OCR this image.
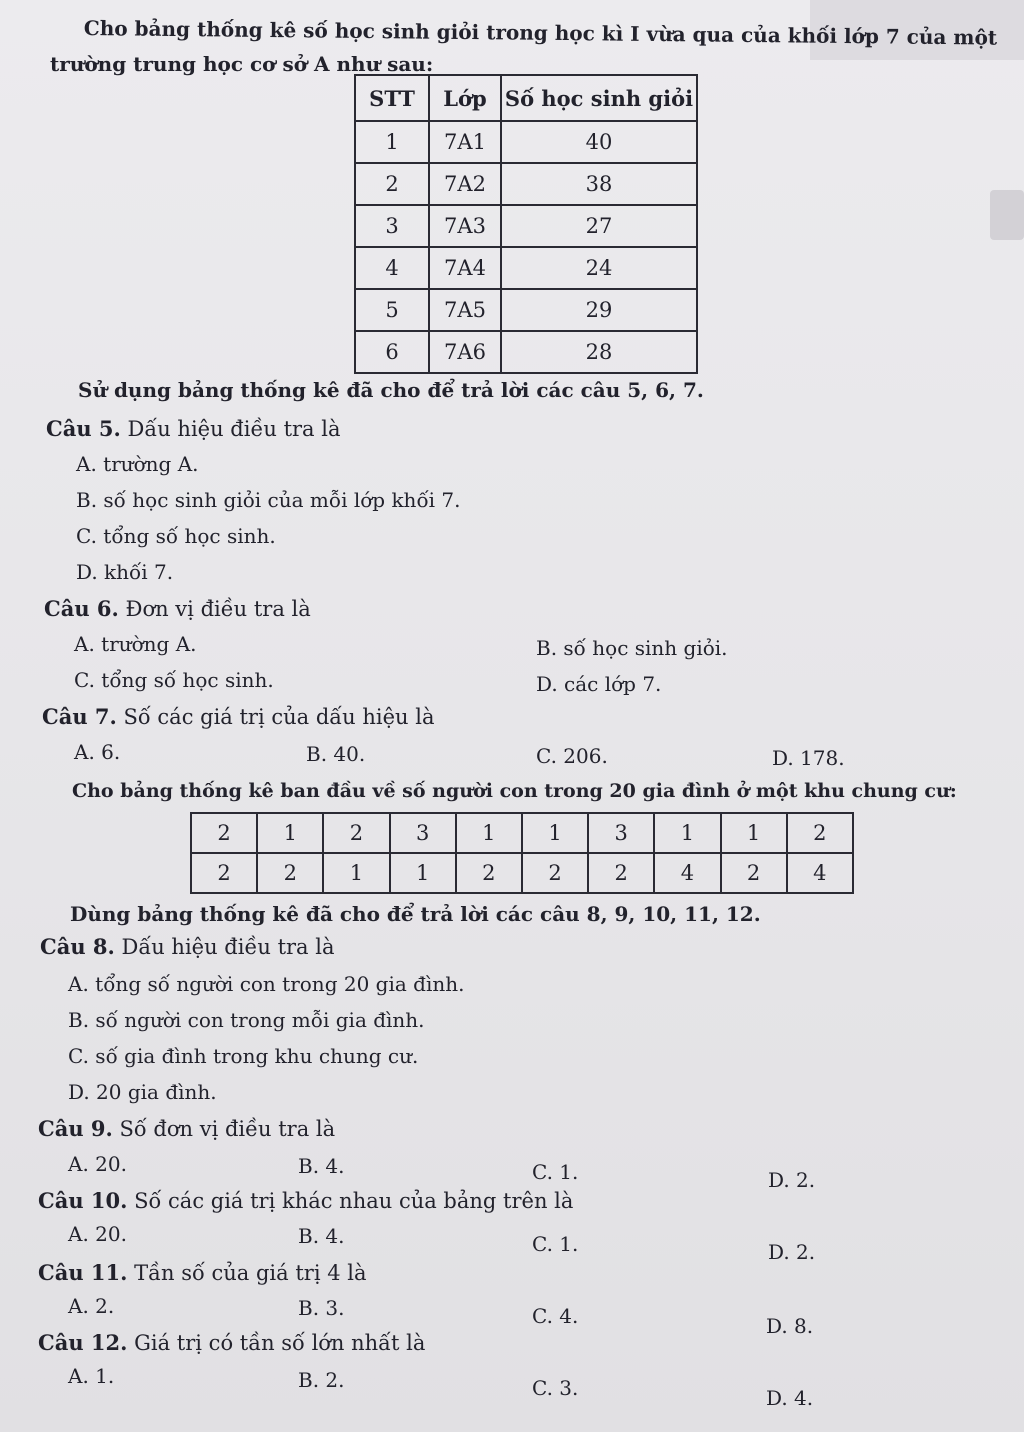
Cho bảng thống kê số học sinh giỏi trong học kì I vừa qua của khối lớp 7 của một
trường trung học cơ sở A như sau:
STT	Lớp	Số học sinh giỏi
1	7A1	40
2	7A2	38
3	7A3	27
4	7A4	24
5	7A5	29
6	7A6	28
Sử dụng bảng thống kê đã cho để trả lời các câu 5, 6, 7.
Câu 5. Dấu hiệu điều tra là
A. trường A.
B. số học sinh giỏi của mỗi lớp khối 7.
C. tổng số học sinh.
D. khối 7.
Câu 6. Đơn vị điều tra là
A. trường A.	B. số học sinh giỏi.
C. tổng số học sinh.	D. các lớp 7.
Câu 7. Số các giá trị của dấu hiệu là
A. 6.	B. 40.	C. 206.	D. 178.
Cho bảng thống kê ban đầu về số người con trong 20 gia đình ở một khu chung cư:
2	1	2	3	1	1	3	1	1	2
2	2	1	1	2	2	2	4	2	4
Dùng bảng thống kê đã cho để trả lời các câu 8, 9, 10, 11, 12.
Câu 8. Dấu hiệu điều tra là
A. tổng số người con trong 20 gia đình.
B. số người con trong mỗi gia đình.
C. số gia đình trong khu chung cư.
D. 20 gia đình.
Câu 9. Số đơn vị điều tra là
A. 20.	B. 4.	C. 1.	D. 2.
Câu 10. Số các giá trị khác nhau của bảng trên là
A. 20.	B. 4.	C. 1.	D. 2.
Câu 11. Tần số của giá trị 4 là
A. 2.	B. 3.	C. 4.	D. 8.
Câu 12. Giá trị có tần số lớn nhất là
A. 1.	B. 2.	C. 3.	D. 4.
